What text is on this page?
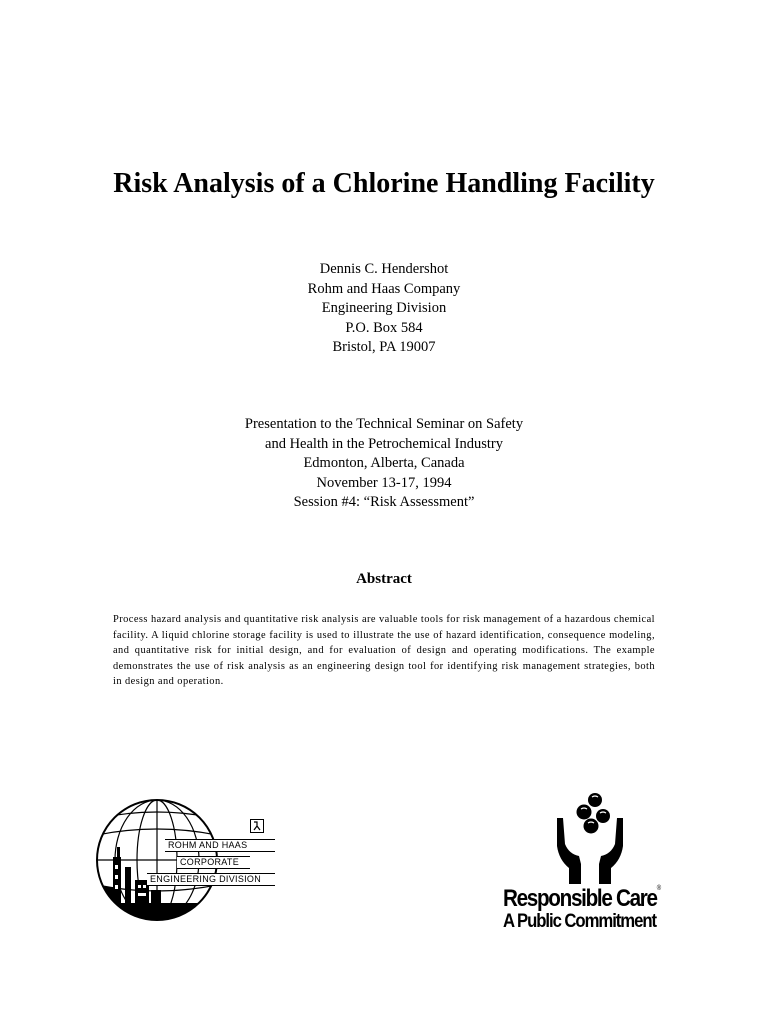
Risk Analysis of a Chlorine Handling Facility
Dennis C. Hendershot
Rohm and Haas Company
Engineering Division
P.O. Box 584
Bristol, PA 19007
Presentation to the Technical Seminar on Safety
and Health in the Petrochemical Industry
Edmonton, Alberta, Canada
November 13-17, 1994
Session #4: “Risk Assessment”
Abstract

Process hazard analysis and quantitative risk analysis are valuable tools for risk management of a hazardous chemical facility. A liquid chlorine storage facility is used to illustrate the use of hazard identification, consequence modeling, and quantitative risk for initial design, and for evaluation of design and operating modifications. The example demonstrates the use of risk analysis as an engineering design tool for identifying risk management strategies, both in design and operation.

ROHM AND HAAS
CORPORATE
ENGINEERING DIVISION
Responsible Care®
A Public Commitment
